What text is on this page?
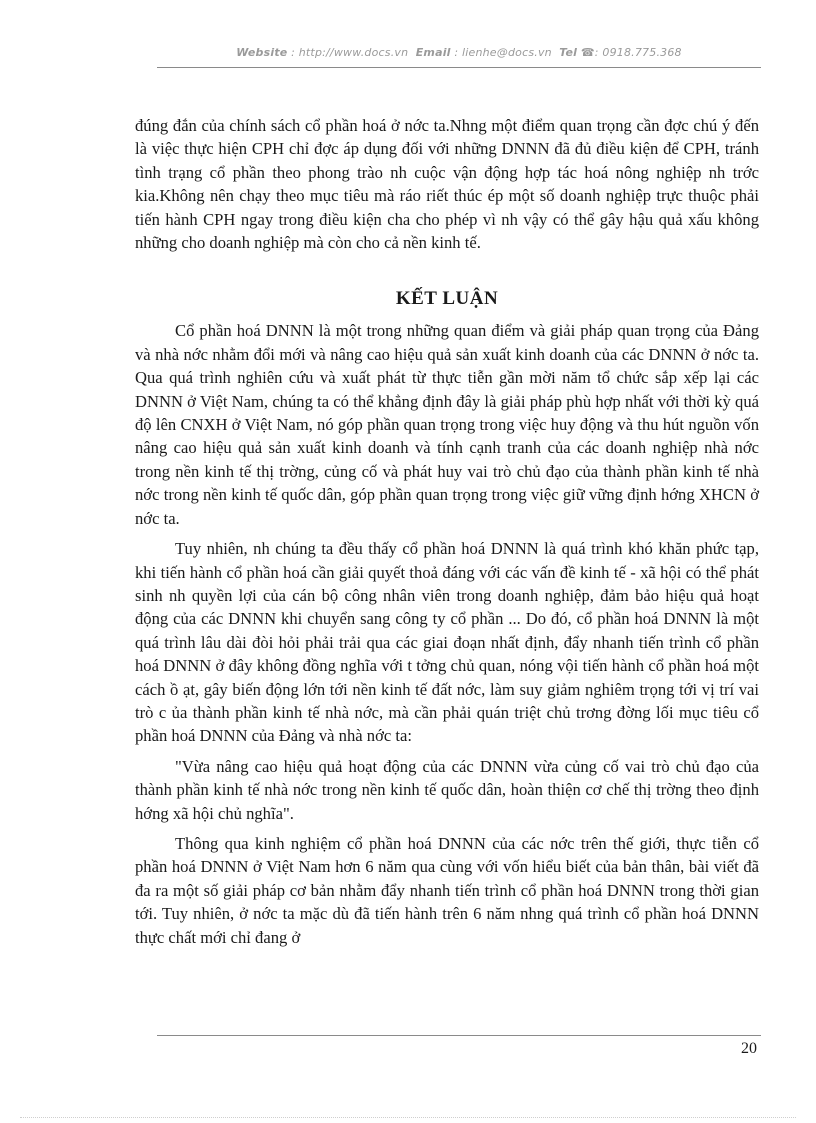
Website : http://www.docs.vn Email : lienhe@docs.vn Tel ☎: 0918.775.368

đúng đắn của chính sách cổ phần hoá ở nớc ta.Nhng một điểm quan trọng cần đợc chú ý đến là việc thực hiện CPH chỉ đợc áp dụng đối với những DNNN đã đủ điều kiện để CPH, tránh tình trạng cổ phần theo phong trào nh cuộc vận động hợp tác hoá nông nghiệp nh trớc kia.Không nên chạy theo mục tiêu mà ráo riết thúc ép một số doanh nghiệp trực thuộc phải tiến hành CPH ngay trong điều kiện cha cho phép vì nh vậy có thể gây hậu quả xấu không những cho doanh nghiệp mà còn cho cả nền kinh tế.

KẾT LUẬN

Cổ phần hoá DNNN là một trong những quan điểm và giải pháp quan trọng của Đảng và nhà nớc nhằm đổi mới và nâng cao hiệu quả sản xuất kinh doanh của các DNNN ở nớc ta. Qua quá trình nghiên cứu và xuất phát từ thực tiễn gần mời năm tổ chức sắp xếp lại các DNNN ở Việt Nam, chúng ta có thể khẳng định đây là giải pháp phù hợp nhất với thời kỳ quá độ lên CNXH ở Việt Nam, nó góp phần quan trọng trong việc huy động và thu hút nguồn vốn nâng cao hiệu quả sản xuất kinh doanh và tính cạnh tranh của các doanh nghiệp nhà nớc trong nền kinh tế thị trờng, củng cố và phát huy vai trò chủ đạo của thành phần kinh tế nhà nớc trong nền kinh tế quốc dân, góp phần quan trọng trong việc giữ vững định hớng XHCN ở nớc ta.

Tuy nhiên, nh chúng ta đều thấy cổ phần hoá DNNN là quá trình khó khăn phức tạp, khi tiến hành cổ phần hoá cần giải quyết thoả đáng với các vấn đề kinh tế - xã hội có thể phát sinh nh quyền lợi của cán bộ công nhân viên trong doanh nghiệp, đảm bảo hiệu quả hoạt động của các DNNN khi chuyển sang công ty cổ phần ... Do đó, cổ phần hoá DNNN là một quá trình lâu dài đòi hỏi phải trải qua các giai đoạn nhất định, đẩy nhanh tiến trình cổ phần hoá DNNN ở đây không đồng nghĩa với t tởng chủ quan, nóng vội tiến hành cổ phần hoá một cách ồ ạt, gây biến động lớn tới nền kinh tế đất nớc, làm suy giảm nghiêm trọng tới vị trí vai trò c ủa thành phần kinh tế nhà nớc, mà cần phải quán triệt chủ trơng đờng lối mục tiêu cổ phần hoá DNNN của Đảng và nhà nớc ta:

"Vừa nâng cao hiệu quả hoạt động của các DNNN vừa củng cố vai trò chủ đạo của thành phần kinh tế nhà nớc trong nền kinh tế quốc dân, hoàn thiện cơ chế thị trờng theo định hớng xã hội chủ nghĩa".

Thông qua kinh nghiệm cổ phần hoá DNNN của các nớc trên thế giới, thực tiễn cổ phần hoá DNNN ở Việt Nam hơn 6 năm qua cùng với vốn hiểu biết của bản thân, bài viết đã đa ra một số giải pháp cơ bản nhằm đẩy nhanh tiến trình cổ phần hoá DNNN trong thời gian tới. Tuy nhiên, ở nớc ta mặc dù đã tiến hành trên 6 năm nhng quá trình cổ phần hoá DNNN thực chất mới chỉ đang ở

20
